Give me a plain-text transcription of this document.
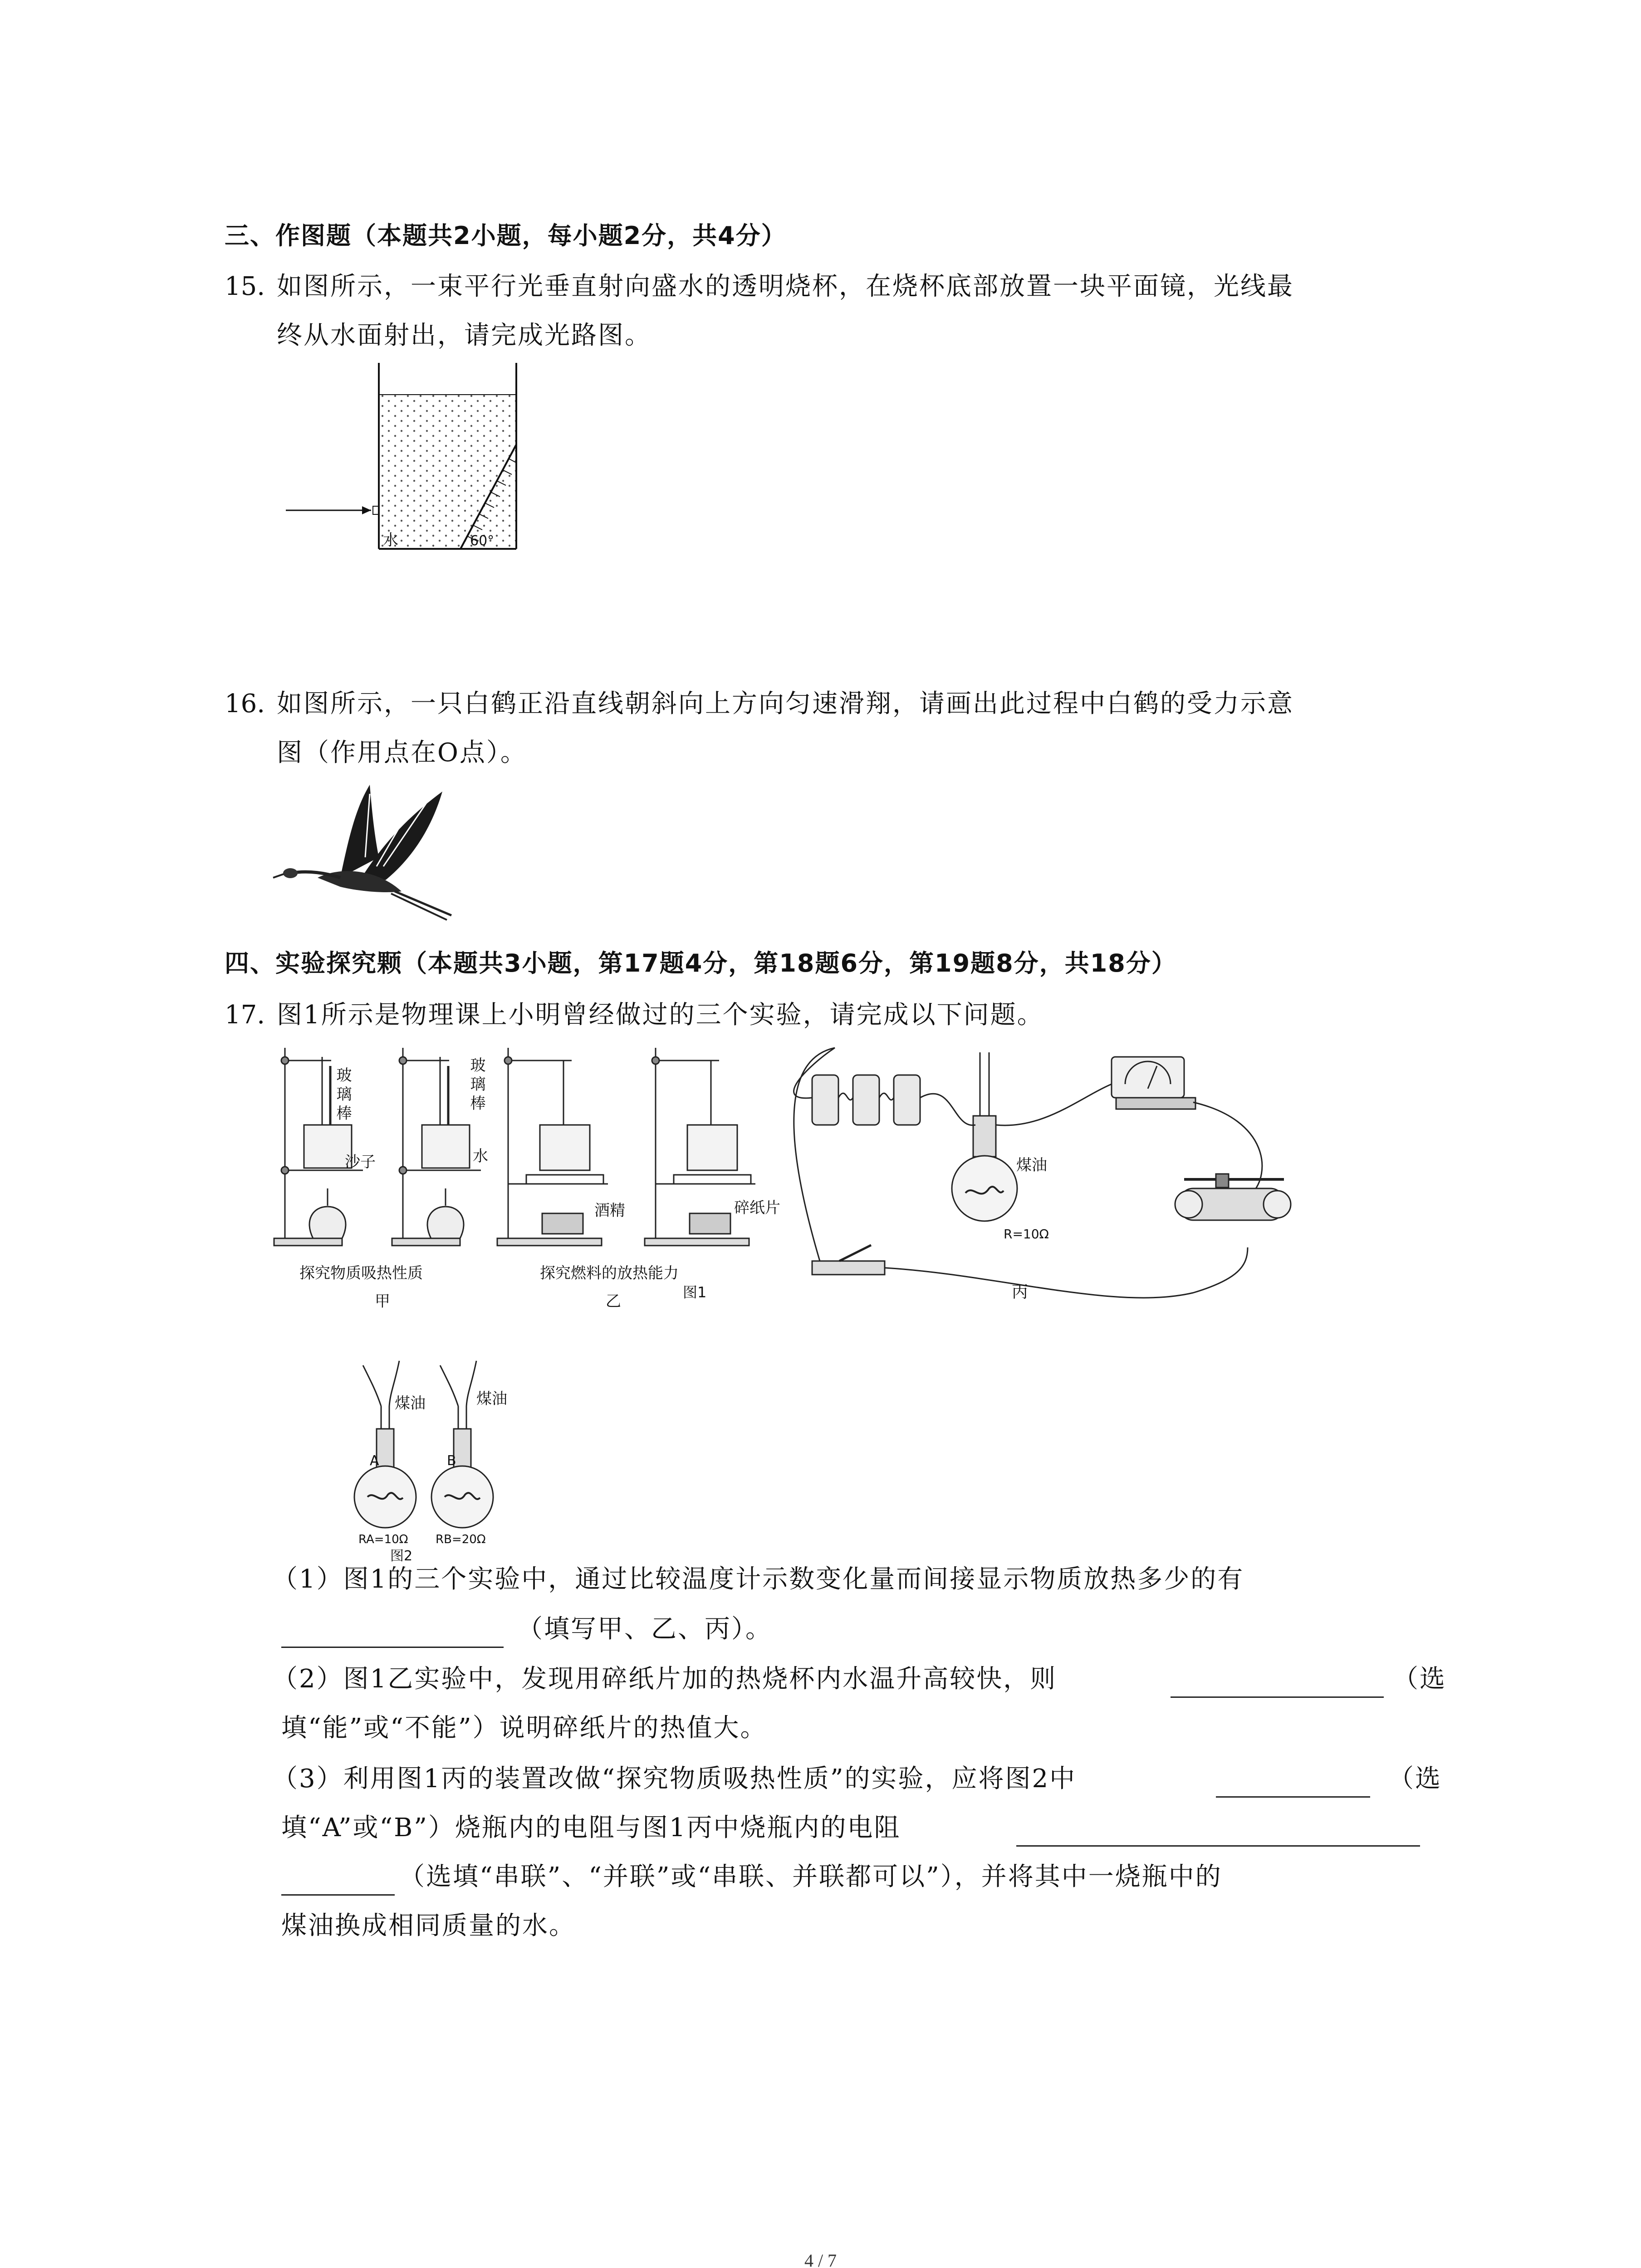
三、作图题（本题共2小题，每小题2分，共4分）
15. 如图所示，一束平行光垂直射向盛水的透明烧杯，在烧杯底部放置一块平面镜，光线最
终从水面射出，请完成光路图。
水	60°
16. 如图所示，一只白鹤正沿直线朝斜向上方向匀速滑翔，请画出此过程中白鹤的受力示意
图（作用点在O点）。
四、实验探究颗（本题共3小题，第17题4分，第18题6分，第19题8分，共18分）
17. 图1所示是物理课上小明曾经做过的三个实验，请完成以下问题。
玻璃棒	玻璃棒
沙子	水
酒精	碎纸片
煤油
R=10Ω
探究物质吸热性质
甲
探究燃料的放热能力
乙	图1	丙
煤油	煤油
A	B
RA=10Ω RB=20Ω
图2
（1）图1的三个实验中，通过比较温度计示数变化量而间接显示物质放热多少的有
（填写甲、乙、丙）。
（2）图1乙实验中，发现用碎纸片加的热烧杯内水温升高较快，则	（选
填“能”或“不能”）说明碎纸片的热值大。
（3）利用图1丙的装置改做“探究物质吸热性质”的实验，应将图2中	（选
填“A”或“B”）烧瓶内的电阻与图1丙中烧瓶内的电阻
（选填“串联”、“并联”或“串联、并联都可以”），并将其中一烧瓶中的
煤油换成相同质量的水。
4 / 7
